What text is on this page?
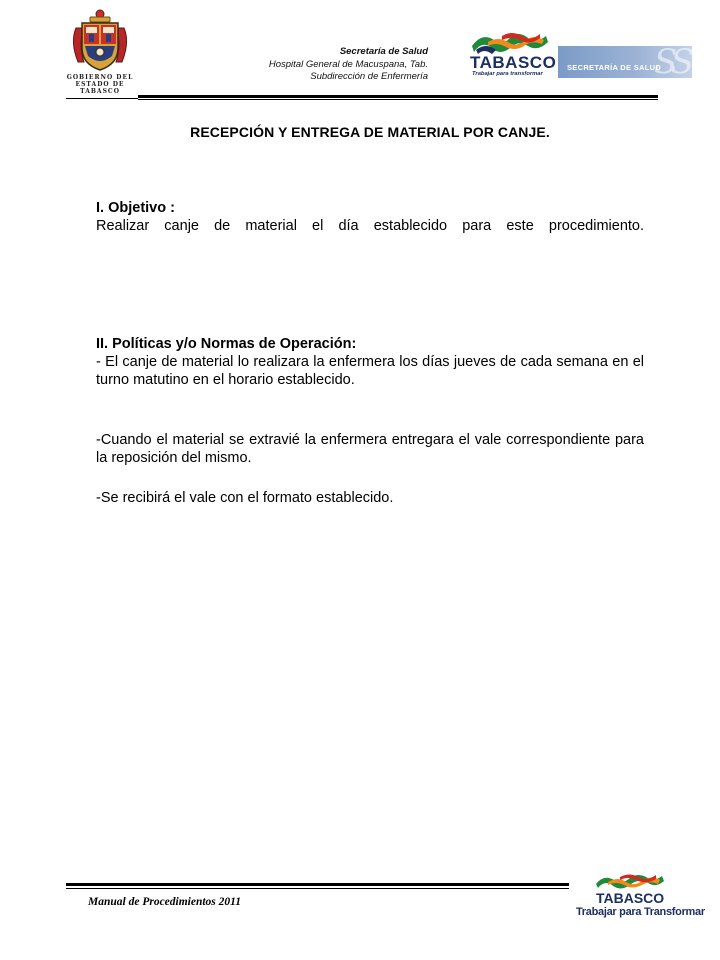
GOBIERNO DEL
ESTADO DE
TABASCO
Secretaría de Salud
Hospital General de Macuspana, Tab.
Subdirección de Enfermería
TABASCO
Trabajar para transformar	SS
SECRETARÍA DE SALUD
RECEPCIÓN Y ENTREGA DE MATERIAL POR CANJE.
I. Objetivo :
Realizar canje de material el día establecido para este procedimiento.
II. Políticas y/o Normas de Operación:
- El canje de material lo realizara la enfermera los días jueves de cada semana en el turno matutino en el horario establecido.
-Cuando el material se extravié la enfermera entregara el vale correspondiente para la reposición del mismo.
-Se recibirá el vale con el formato establecido.
Manual de Procedimientos 2011	TABASCO
Trabajar para Transformar
